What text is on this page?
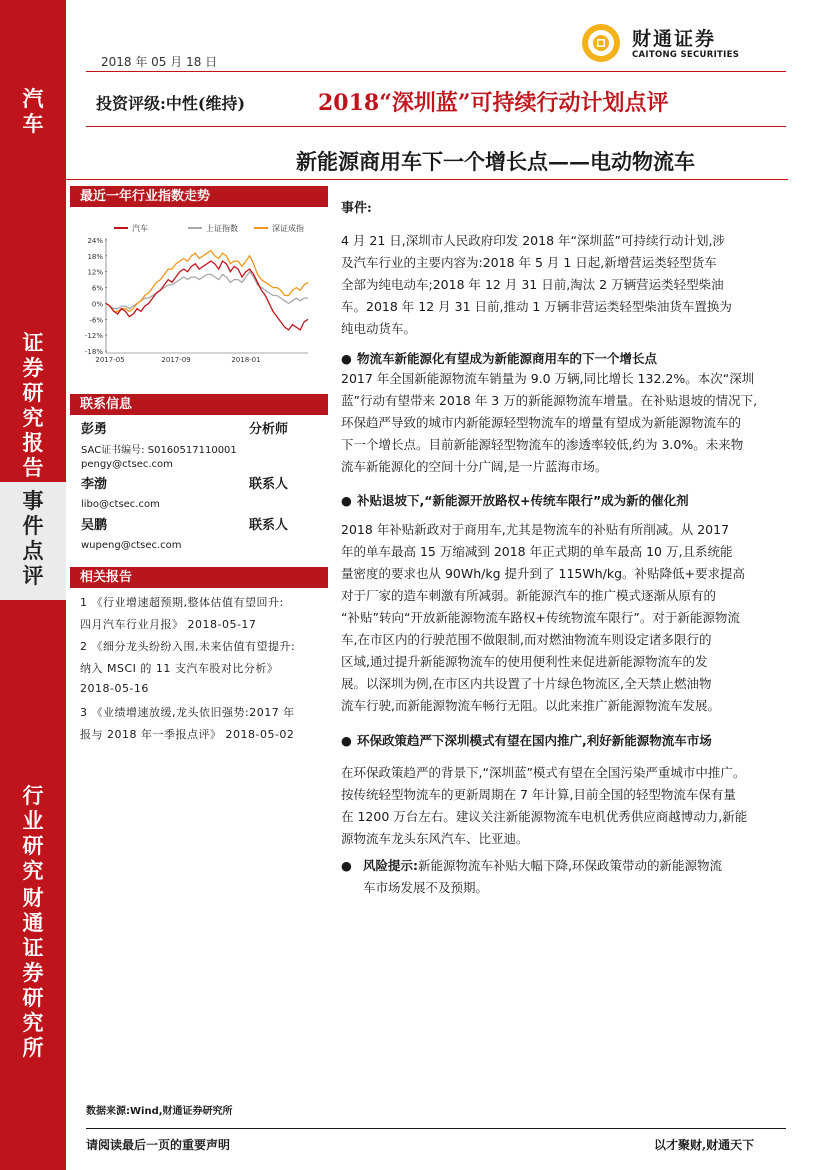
汽车
证券研究报告
事件点评
行业研究
财通证券研究所
2018 年 05 月 18 日
财通证券
CAITONG SECURITIES
投资评级:中性(维持)	2018“深圳蓝”可持续行动计划点评
新能源商用车下一个增长点——电动物流车
最近一年行业指数走势
汽车	上证指数	深证成指
24%
18%
12%
6%
0%
-6%
-12%
-18%
2017-05	2017-09	2018-01
联系信息
彭勇	分析师
SAC证书编号: S0160517110001
pengy@ctsec.com
李渤	联系人
libo@ctsec.com
吴鹏	联系人
wupeng@ctsec.com
相关报告
1 《行业增速超预期,整体估值有望回升:
四月汽车行业月报》 2018-05-17
2 《细分龙头纷纷入围,未来估值有望提升:
纳入 MSCI 的 11 支汽车股对比分析》
2018-05-16
3 《业绩增速放缓,龙头依旧强势:2017 年
报与 2018 年一季报点评》 2018-05-02
事件:
4 月 21 日,深圳市人民政府印发 2018 年“深圳蓝”可持续行动计划,涉
及汽车行业的主要内容为:2018 年 5 月 1 日起,新增营运类轻型货车
全部为纯电动车;2018 年 12 月 31 日前,淘汰 2 万辆营运类轻型柴油
车。2018 年 12 月 31 日前,推动 1 万辆非营运类轻型柴油货车置换为
纯电动货车。
● 物流车新能源化有望成为新能源商用车的下一个增长点
2017 年全国新能源物流车销量为 9.0 万辆,同比增长 132.2%。本次“深圳
蓝”行动有望带来 2018 年 3 万的新能源物流车增量。在补贴退坡的情况下,
环保趋严导致的城市内新能源轻型物流车的增量有望成为新能源物流车的
下一个增长点。目前新能源轻型物流车的渗透率较低,约为 3.0%。未来物
流车新能源化的空间十分广阔,是一片蓝海市场。
● 补贴退坡下,“新能源开放路权+传统车限行”成为新的催化剂
2018 年补贴新政对于商用车,尤其是物流车的补贴有所削减。从 2017
年的单车最高 15 万缩减到 2018 年正式期的单车最高 10 万,且系统能
量密度的要求也从 90Wh/kg 提升到了 115Wh/kg。补贴降低+要求提高
对于厂家的造车刺激有所减弱。新能源汽车的推广模式逐渐从原有的
“补贴”转向“开放新能源物流车路权+传统物流车限行”。对于新能源物流
车,在市区内的行驶范围不做限制,而对燃油物流车则设定诸多限行的
区域,通过提升新能源物流车的使用便利性来促进新能源物流车的发
展。以深圳为例,在市区内共设置了十片绿色物流区,全天禁止燃油物
流车行驶,而新能源物流车畅行无阻。以此来推广新能源物流车发展。
● 环保政策趋严下深圳模式有望在国内推广,利好新能源物流车市场
在环保政策趋严的背景下,“深圳蓝”模式有望在全国污染严重城市中推广。
按传统轻型物流车的更新周期在 7 年计算,目前全国的轻型物流车保有量
在 1200 万台左右。建议关注新能源物流车电机优秀供应商越博动力,新能
源物流车龙头东风汽车、比亚迪。
● 风险提示:新能源物流车补贴大幅下降,环保政策带动的新能源物流
车市场发展不及预期。
数据来源:Wind,财通证券研究所
请阅读最后一页的重要声明	以才聚财,财通天下
